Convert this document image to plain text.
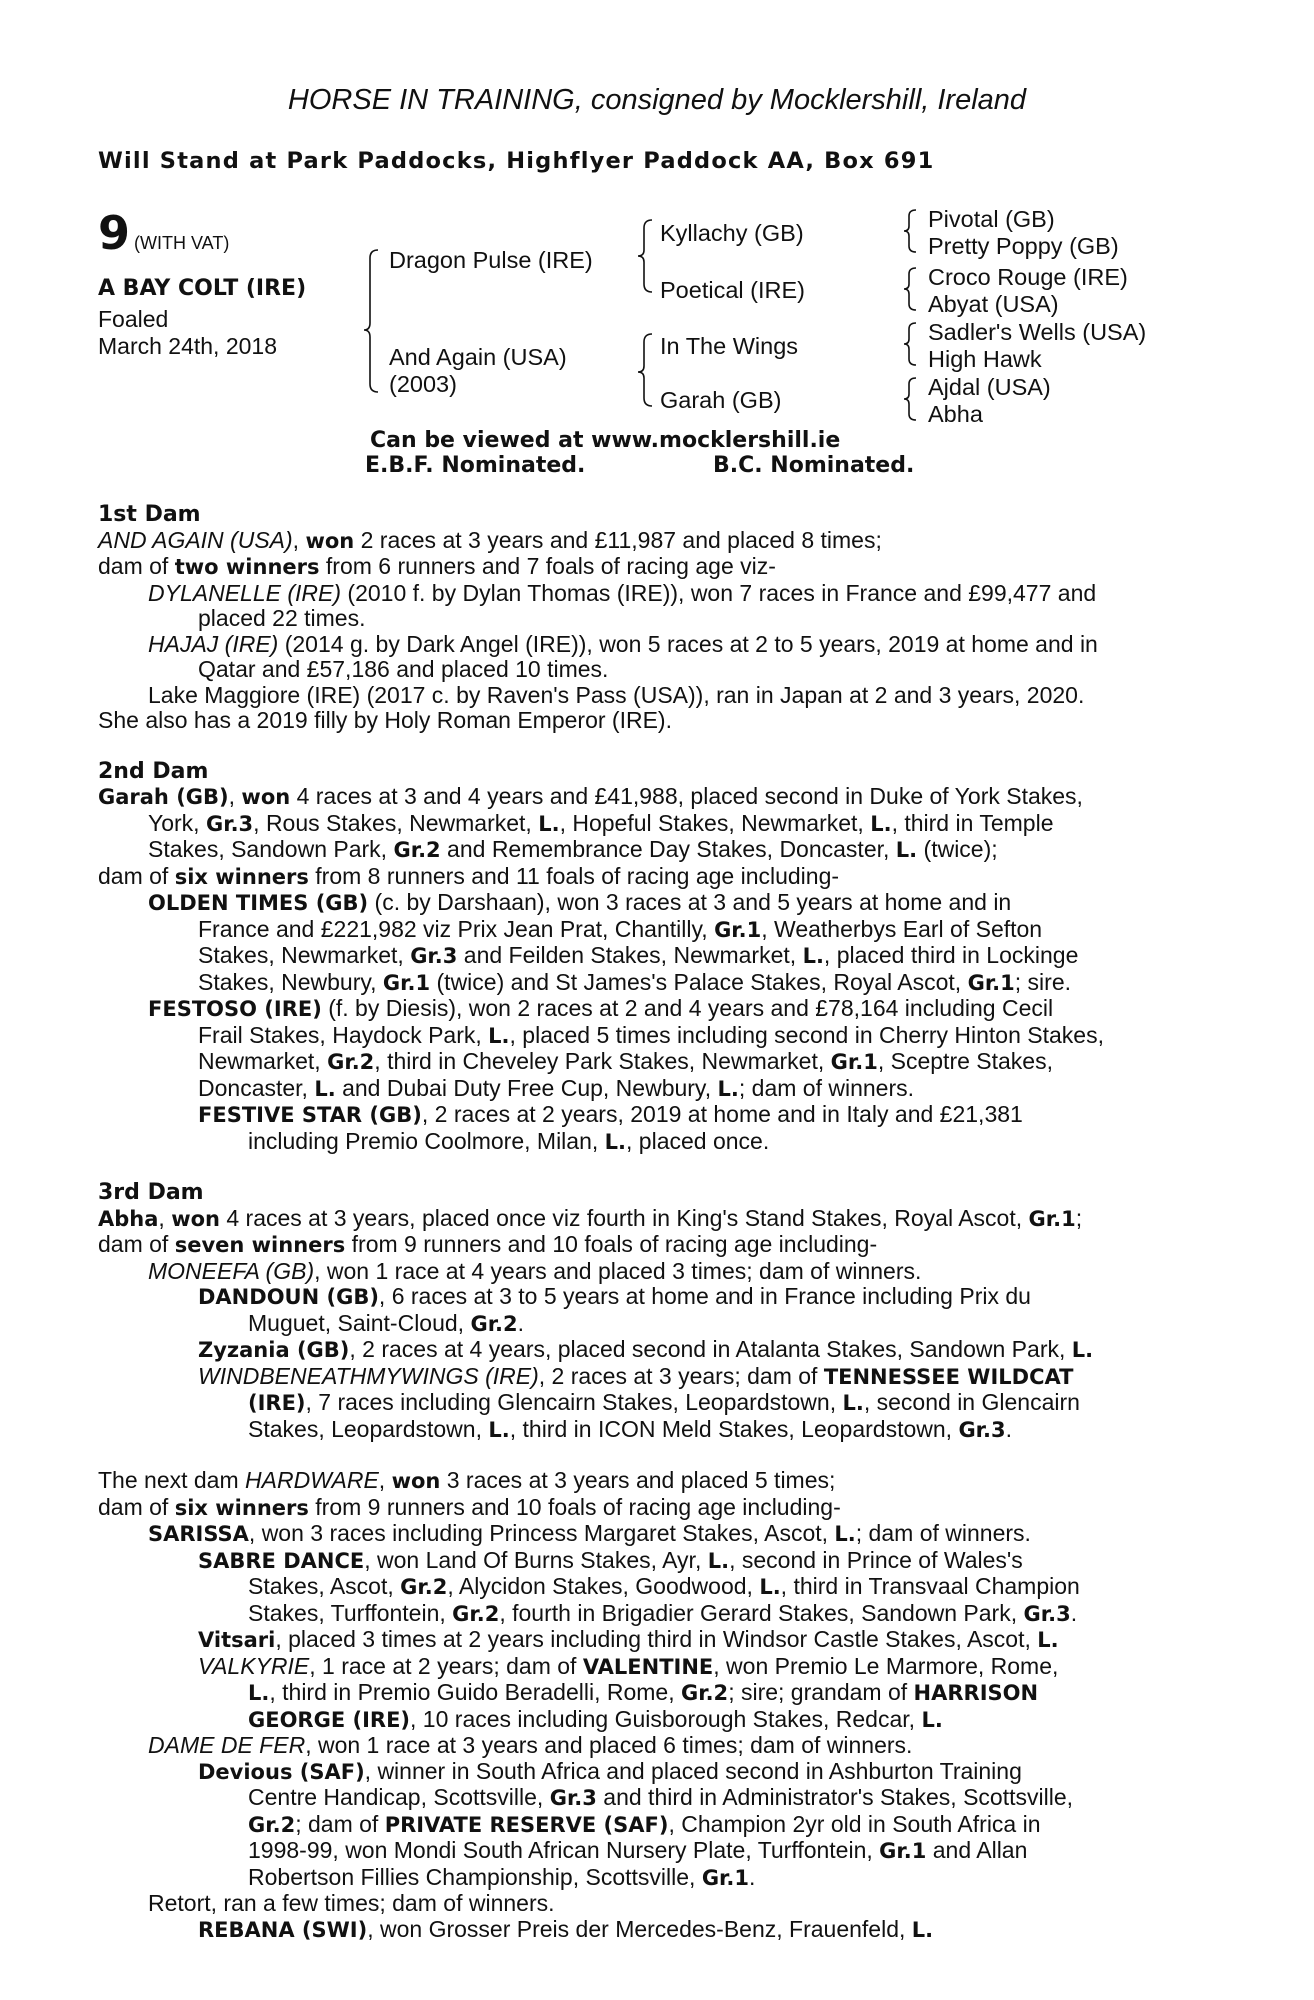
HORSE IN TRAINING, consigned by Mocklershill, Ireland
Will Stand at Park Paddocks, Highflyer Paddock AA, Box 691
9 (WITH VAT)
A BAY COLT (IRE)
Foaled
March 24th, 2018
Dragon Pulse (IRE)
And Again (USA)
(2003)
Kyllachy (GB)
Poetical (IRE)
In The Wings
Garah (GB)
Pivotal (GB)
Pretty Poppy (GB)
Croco Rouge (IRE)
Abyat (USA)
Sadler's Wells (USA)
High Hawk
Ajdal (USA)
Abha
Can be viewed at www.mocklershill.ie
E.B.F. Nominated.	B.C. Nominated.
1st Dam
AND AGAIN (USA), won 2 races at 3 years and £11,987 and placed 8 times;
dam of two winners from 6 runners and 7 foals of racing age viz-
DYLANELLE (IRE) (2010 f. by Dylan Thomas (IRE)), won 7 races in France and £99,477 and
placed 22 times.
HAJAJ (IRE) (2014 g. by Dark Angel (IRE)), won 5 races at 2 to 5 years, 2019 at home and in
Qatar and £57,186 and placed 10 times.
Lake Maggiore (IRE) (2017 c. by Raven's Pass (USA)), ran in Japan at 2 and 3 years, 2020.
She also has a 2019 filly by Holy Roman Emperor (IRE).
2nd Dam
Garah (GB), won 4 races at 3 and 4 years and £41,988, placed second in Duke of York Stakes,
York, Gr.3, Rous Stakes, Newmarket, L., Hopeful Stakes, Newmarket, L., third in Temple
Stakes, Sandown Park, Gr.2 and Remembrance Day Stakes, Doncaster, L. (twice);
dam of six winners from 8 runners and 11 foals of racing age including-
OLDEN TIMES (GB) (c. by Darshaan), won 3 races at 3 and 5 years at home and in
France and £221,982 viz Prix Jean Prat, Chantilly, Gr.1, Weatherbys Earl of Sefton
Stakes, Newmarket, Gr.3 and Feilden Stakes, Newmarket, L., placed third in Lockinge
Stakes, Newbury, Gr.1 (twice) and St James's Palace Stakes, Royal Ascot, Gr.1; sire.
FESTOSO (IRE) (f. by Diesis), won 2 races at 2 and 4 years and £78,164 including Cecil
Frail Stakes, Haydock Park, L., placed 5 times including second in Cherry Hinton Stakes,
Newmarket, Gr.2, third in Cheveley Park Stakes, Newmarket, Gr.1, Sceptre Stakes,
Doncaster, L. and Dubai Duty Free Cup, Newbury, L.; dam of winners.
FESTIVE STAR (GB), 2 races at 2 years, 2019 at home and in Italy and £21,381
including Premio Coolmore, Milan, L., placed once.
3rd Dam
Abha, won 4 races at 3 years, placed once viz fourth in King's Stand Stakes, Royal Ascot, Gr.1;
dam of seven winners from 9 runners and 10 foals of racing age including-
MONEEFA (GB), won 1 race at 4 years and placed 3 times; dam of winners.
DANDOUN (GB), 6 races at 3 to 5 years at home and in France including Prix du
Muguet, Saint-Cloud, Gr.2.
Zyzania (GB), 2 races at 4 years, placed second in Atalanta Stakes, Sandown Park, L.
WINDBENEATHMYWINGS (IRE), 2 races at 3 years; dam of TENNESSEE WILDCAT
(IRE), 7 races including Glencairn Stakes, Leopardstown, L., second in Glencairn
Stakes, Leopardstown, L., third in ICON Meld Stakes, Leopardstown, Gr.3.
The next dam HARDWARE, won 3 races at 3 years and placed 5 times;
dam of six winners from 9 runners and 10 foals of racing age including-
SARISSA, won 3 races including Princess Margaret Stakes, Ascot, L.; dam of winners.
SABRE DANCE, won Land Of Burns Stakes, Ayr, L., second in Prince of Wales's
Stakes, Ascot, Gr.2, Alycidon Stakes, Goodwood, L., third in Transvaal Champion
Stakes, Turffontein, Gr.2, fourth in Brigadier Gerard Stakes, Sandown Park, Gr.3.
Vitsari, placed 3 times at 2 years including third in Windsor Castle Stakes, Ascot, L.
VALKYRIE, 1 race at 2 years; dam of VALENTINE, won Premio Le Marmore, Rome,
L., third in Premio Guido Beradelli, Rome, Gr.2; sire; grandam of HARRISON
GEORGE (IRE), 10 races including Guisborough Stakes, Redcar, L.
DAME DE FER, won 1 race at 3 years and placed 6 times; dam of winners.
Devious (SAF), winner in South Africa and placed second in Ashburton Training
Centre Handicap, Scottsville, Gr.3 and third in Administrator's Stakes, Scottsville,
Gr.2; dam of PRIVATE RESERVE (SAF), Champion 2yr old in South Africa in
1998-99, won Mondi South African Nursery Plate, Turffontein, Gr.1 and Allan
Robertson Fillies Championship, Scottsville, Gr.1.
Retort, ran a few times; dam of winners.
REBANA (SWI), won Grosser Preis der Mercedes-Benz, Frauenfeld, L.
